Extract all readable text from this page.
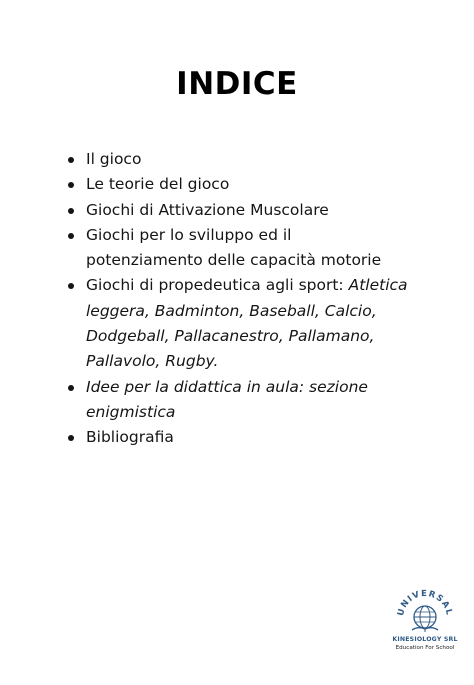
INDICE
Il gioco
Le teorie del gioco
Giochi di Attivazione Muscolare
Giochi per lo sviluppo ed il potenziamento delle capacità motorie
Giochi di propedeutica agli sport: Atletica leggera, Badminton, Baseball, Calcio, Dodgeball, Pallacanestro, Pallamano, Pallavolo, Rugby.
Idee per la didattica in aula: sezione enigmistica
Bibliografia
UNIVERSAL
KINESIOLOGY SRL
Education For School
